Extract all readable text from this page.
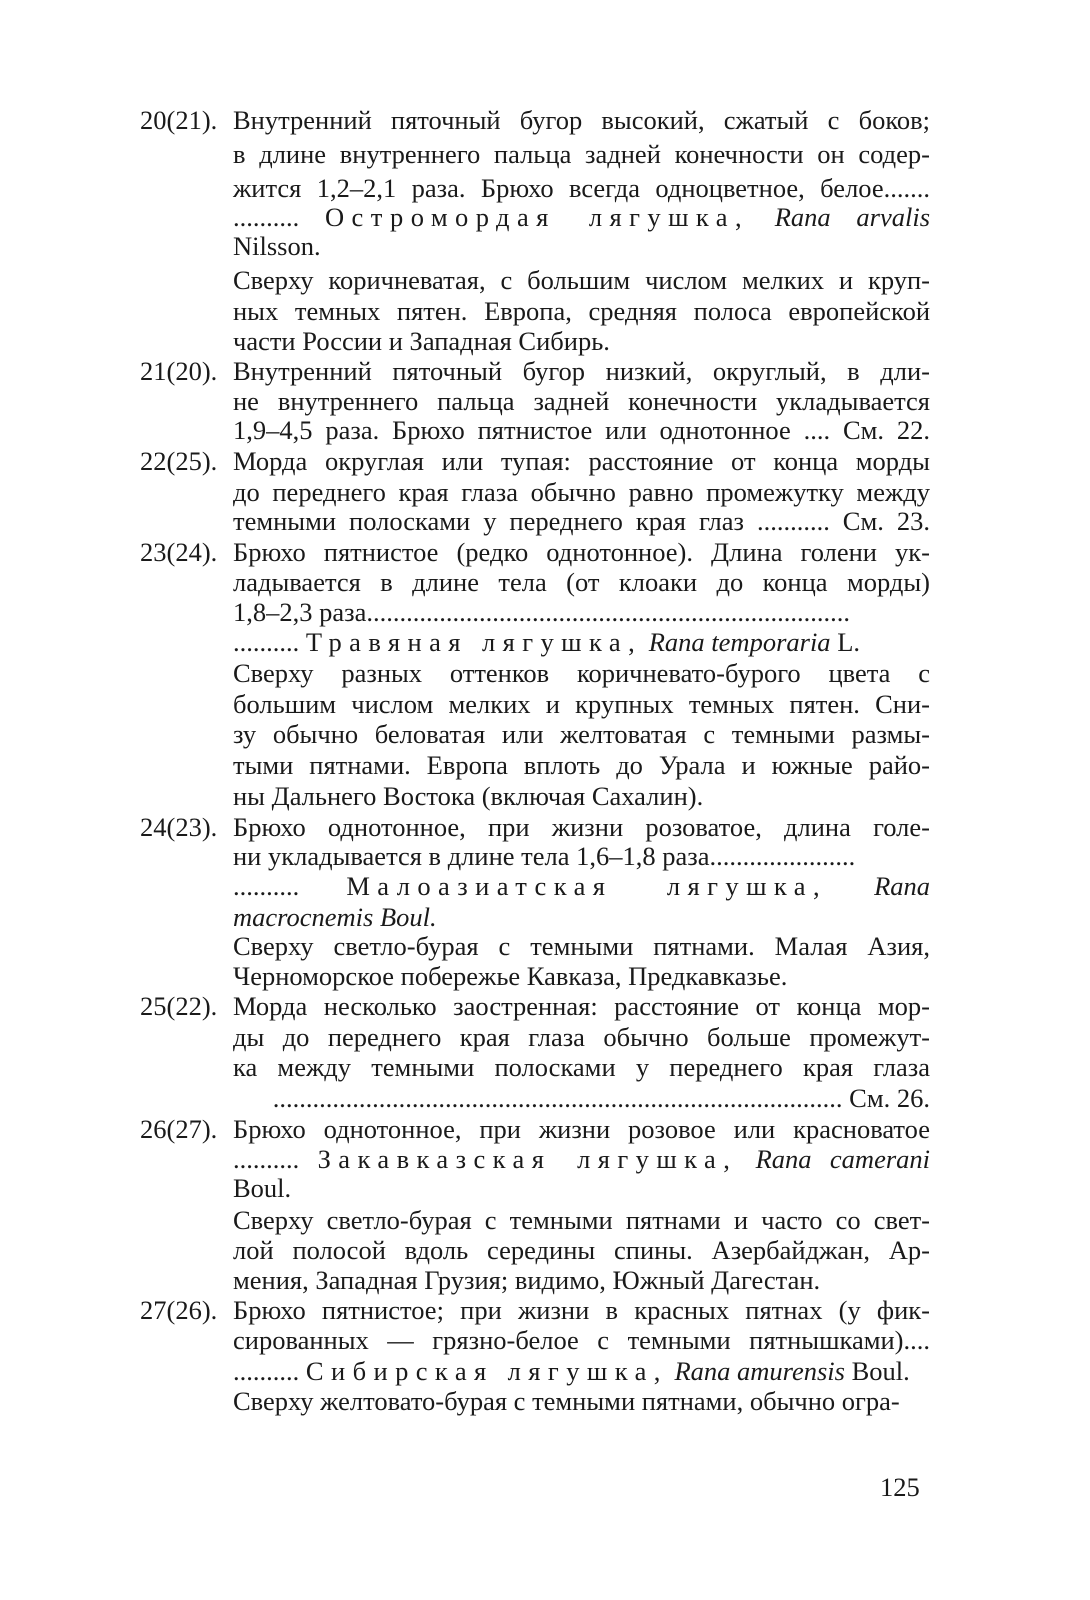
20(21). Внутренний пяточный бугор высокий, сжатый с боков;
в длине внутреннего пальца задней конечности он содер-
жится 1,2–2,1 раза. Брюхо всегда одноцветное, белое.......
.......... Остромордая лягушка, Rana arvalis
Nilsson.
Сверху коричневатая, с большим числом мелких и круп-
ных темных пятен. Европа, средняя полоса европейской
части России и Западная Сибирь.
21(20). Внутренний пяточный бугор низкий, округлый, в дли-
не внутреннего пальца задней конечности укладывается
1,9–4,5 раза. Брюхо пятнистое или однотонное .... См. 22.
22(25). Морда округлая или тупая: расстояние от конца морды
до переднего края глаза обычно равно промежутку между
темными полосками у переднего края глаз ........... См. 23.
23(24). Брюхо пятнистое (редко однотонное). Длина голени ук-
ладывается в длине тела (от клоаки до конца морды)
1,8–2,3 раза.........................................................................
.......... Травяная лягушка, Rana temporaria L.
Сверху разных оттенков коричневато-бурого цвета с
большим числом мелких и крупных темных пятен. Сни-
зу обычно беловатая или желтоватая с темными размы-
тыми пятнами. Европа вплоть до Урала и южные райо-
ны Дальнего Востока (включая Сахалин).
24(23). Брюхо однотонное, при жизни розоватое, длина голе-
ни укладывается в длине тела 1,6–1,8 раза......................
.......... Малоазиатская лягушка, Rana
macrocnemis Boul.
Сверху светло-бурая с темными пятнами. Малая Азия,
Черноморское побережье Кавказа, Предкавказье.
25(22). Морда несколько заостренная: расстояние от конца мор-
ды до переднего края глаза обычно больше промежут-
ка между темными полосками у переднего края глаза
...................................................................................... См. 26.
26(27). Брюхо однотонное, при жизни розовое или красноватое
.......... Закавказская лягушка, Rana camerani
Boul.
Сверху светло-бурая с темными пятнами и часто со свет-
лой полосой вдоль середины спины. Азербайджан, Ар-
мения, Западная Грузия; видимо, Южный Дагестан.
27(26). Брюхо пятнистое; при жизни в красных пятнах (у фик-
сированных — грязно-белое с темными пятнышками)....
.......... Сибирская лягушка, Rana amurensis Boul.
Сверху желтовато-бурая с темными пятнами, обычно огра-
125
